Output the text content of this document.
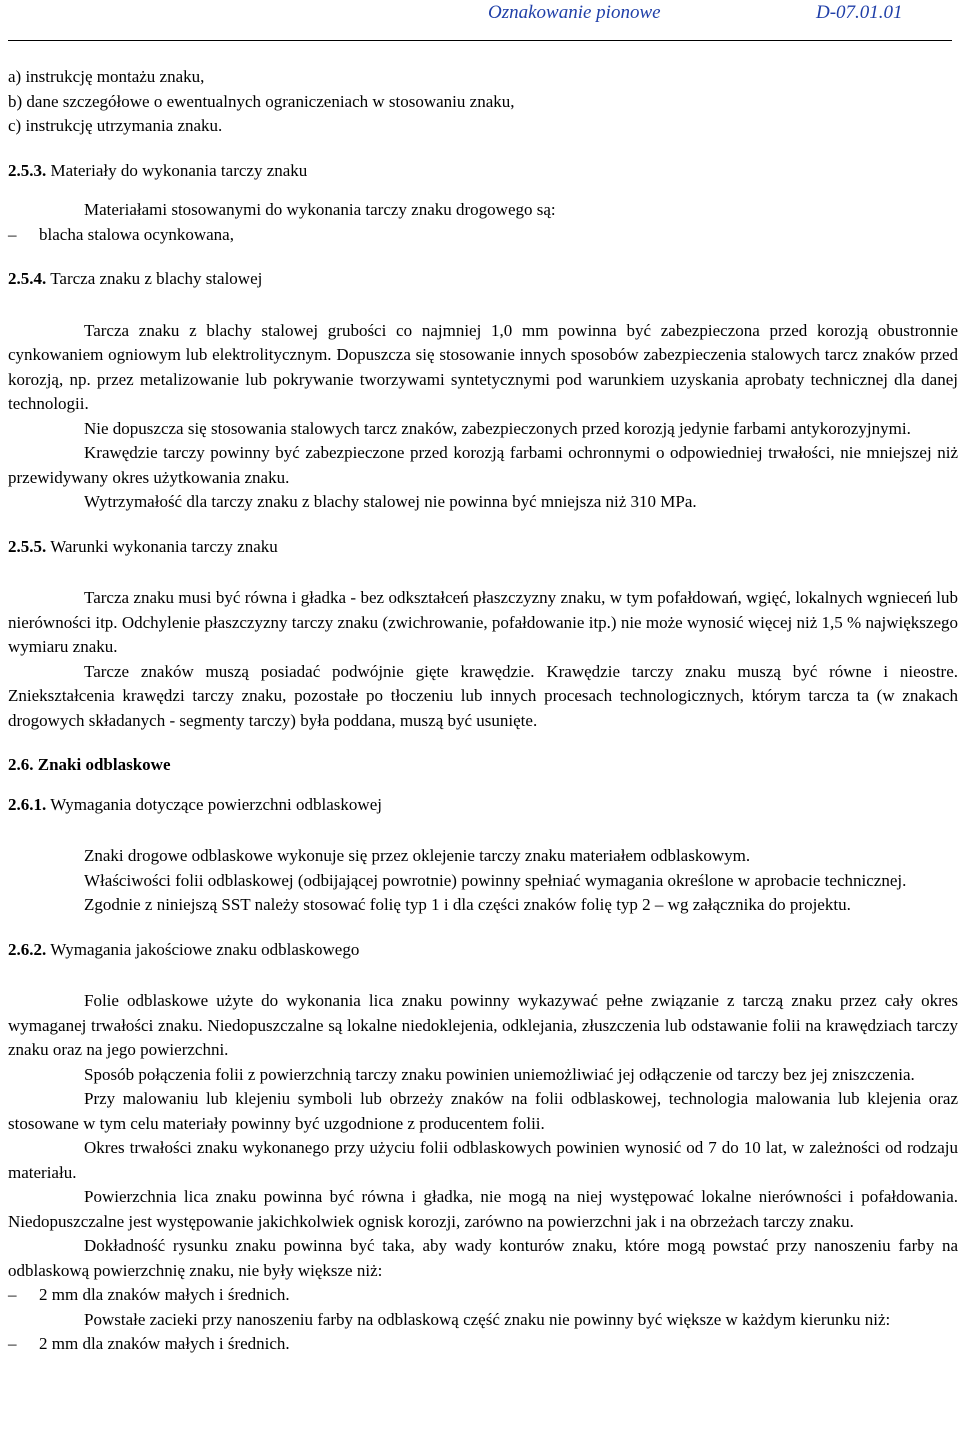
Oznakowanie pionowe	D-07.01.01

a) instrukcję montażu znaku,

b) dane szczegółowe o ewentualnych ograniczeniach w stosowaniu znaku,

c) instrukcję utrzymania znaku.

2.5.3. Materiały do wykonania tarczy znaku

Materiałami stosowanymi do wykonania tarczy znaku drogowego są:

– blacha stalowa ocynkowana,

2.5.4. Tarcza znaku z blachy stalowej

Tarcza znaku z blachy stalowej grubości co najmniej 1,0 mm powinna być zabezpieczona przed korozją obustronnie cynkowaniem ogniowym lub elektrolitycznym. Dopuszcza się stosowanie innych sposobów zabezpieczenia stalowych tarcz znaków przed korozją, np. przez metalizowanie lub pokrywanie tworzywami syntetycznymi pod warunkiem uzyskania aprobaty technicznej dla danej technologii.

Nie dopuszcza się stosowania stalowych tarcz znaków, zabezpieczonych przed korozją jedynie farbami antykorozyjnymi.

Krawędzie tarczy powinny być zabezpieczone przed korozją farbami ochronnymi o odpowiedniej trwałości, nie mniejszej niż przewidywany okres użytkowania znaku.

Wytrzymałość dla tarczy znaku z blachy stalowej nie powinna być mniejsza niż 310 MPa.

2.5.5. Warunki wykonania tarczy znaku

Tarcza znaku musi być równa i gładka - bez odkształceń płaszczyzny znaku, w tym pofałdowań, wgięć, lokalnych wgnieceń lub nierówności itp. Odchylenie płaszczyzny tarczy znaku (zwichrowanie, pofałdowanie itp.) nie może wynosić więcej niż 1,5 % największego wymiaru znaku.

Tarcze znaków muszą posiadać podwójnie gięte krawędzie. Krawędzie tarczy znaku muszą być równe i nieostre. Zniekształcenia krawędzi tarczy znaku, pozostałe po tłoczeniu lub innych procesach technologicznych, którym tarcza ta (w znakach drogowych składanych - segmenty tarczy) była poddana, muszą być usunięte.

2.6. Znaki odblaskowe

2.6.1. Wymagania dotyczące powierzchni odblaskowej

Znaki drogowe odblaskowe wykonuje się przez oklejenie tarczy znaku materiałem odblaskowym.

Właściwości folii odblaskowej (odbijającej powrotnie) powinny spełniać wymagania określone w aprobacie technicznej.

Zgodnie z niniejszą SST należy stosować folię typ 1 i dla części znaków folię typ 2 – wg załącznika do projektu.

2.6.2. Wymagania jakościowe znaku odblaskowego

Folie odblaskowe użyte do wykonania lica znaku powinny wykazywać pełne związanie z tarczą znaku przez cały okres wymaganej trwałości znaku. Niedopuszczalne są lokalne niedoklejenia, odklejania, złuszczenia lub odstawanie folii na krawędziach tarczy znaku oraz na jego powierzchni.

Sposób połączenia folii z powierzchnią tarczy znaku powinien uniemożliwiać jej odłączenie od tarczy bez jej zniszczenia.

Przy malowaniu lub klejeniu symboli lub obrzeży znaków na folii odblaskowej, technologia malowania lub klejenia oraz stosowane w tym celu materiały powinny być uzgodnione z producentem folii.

Okres trwałości znaku wykonanego przy użyciu folii odblaskowych powinien wynosić od 7 do 10 lat, w zależności od rodzaju materiału.

Powierzchnia lica znaku powinna być równa i gładka, nie mogą na niej występować lokalne nierówności i pofałdowania. Niedopuszczalne jest występowanie jakichkolwiek ognisk korozji, zarówno na powierzchni jak i na obrzeżach tarczy znaku.

Dokładność rysunku znaku powinna być taka, aby wady konturów znaku, które mogą powstać przy nanoszeniu farby na odblaskową powierzchnię znaku, nie były większe niż:

– 2 mm dla znaków małych i średnich.

Powstałe zacieki przy nanoszeniu farby na odblaskową część znaku nie powinny być większe w każdym kierunku niż:

– 2 mm dla znaków małych i średnich.
